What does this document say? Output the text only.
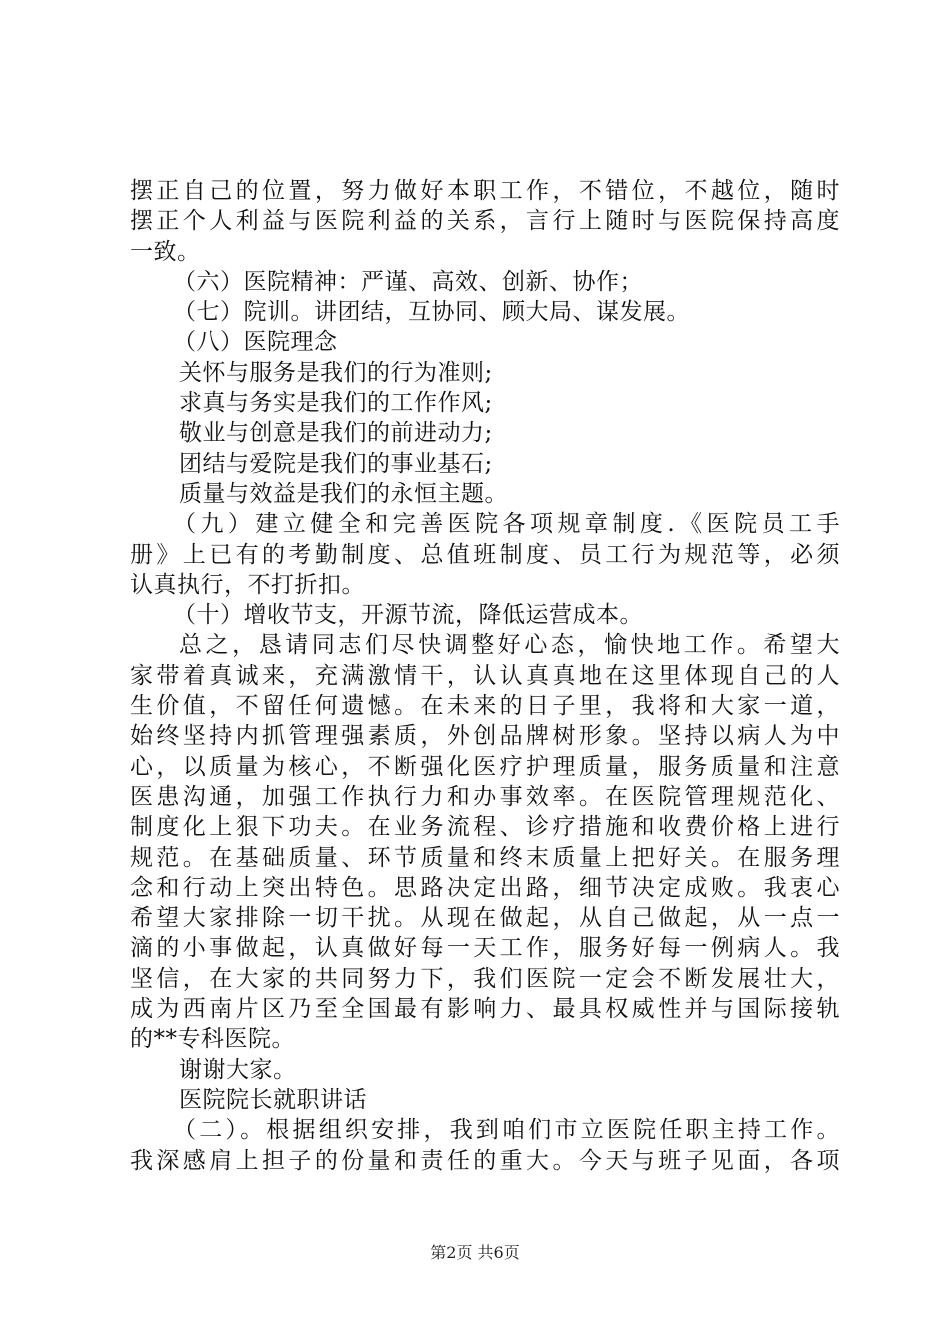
摆正自己的位置，努力做好本职工作，不错位，不越位，随时
摆正个人利益与医院利益的关系，言行上随时与医院保持高度
一致。
（六）医院精神：严谨、高效、创新、协作；
（七）院训。讲团结，互协同、顾大局、谋发展。
（八）医院理念
关怀与服务是我们的行为准则;
求真与务实是我们的工作作风;
敬业与创意是我们的前进动力;
团结与爱院是我们的事业基石;
质量与效益是我们的永恒主题。
（九）建立健全和完善医院各项规章制度.《医院员工手
册》上已有的考勤制度、总值班制度、员工行为规范等，必须
认真执行，不打折扣。
（十）增收节支，开源节流，降低运营成本。
总之，恳请同志们尽快调整好心态，愉快地工作。希望大
家带着真诚来，充满激情干，认认真真地在这里体现自己的人
生价值，不留任何遗憾。在未来的日子里，我将和大家一道，
始终坚持内抓管理强素质，外创品牌树形象。坚持以病人为中
心，以质量为核心，不断强化医疗护理质量，服务质量和注意
医患沟通，加强工作执行力和办事效率。在医院管理规范化、
制度化上狠下功夫。在业务流程、诊疗措施和收费价格上进行
规范。在基础质量、环节质量和终末质量上把好关。在服务理
念和行动上突出特色。思路决定出路，细节决定成败。我衷心
希望大家排除一切干扰。从现在做起，从自己做起，从一点一
滴的小事做起，认真做好每一天工作，服务好每一例病人。我
坚信，在大家的共同努力下，我们医院一定会不断发展壮大，
成为西南片区乃至全国最有影响力、最具权威性并与国际接轨
的**专科医院。
谢谢大家。
医院院长就职讲话
（二）。根据组织安排，我到咱们市立医院任职主持工作。
我深感肩上担子的份量和责任的重大。今天与班子见面，各项
第2页 共6页
